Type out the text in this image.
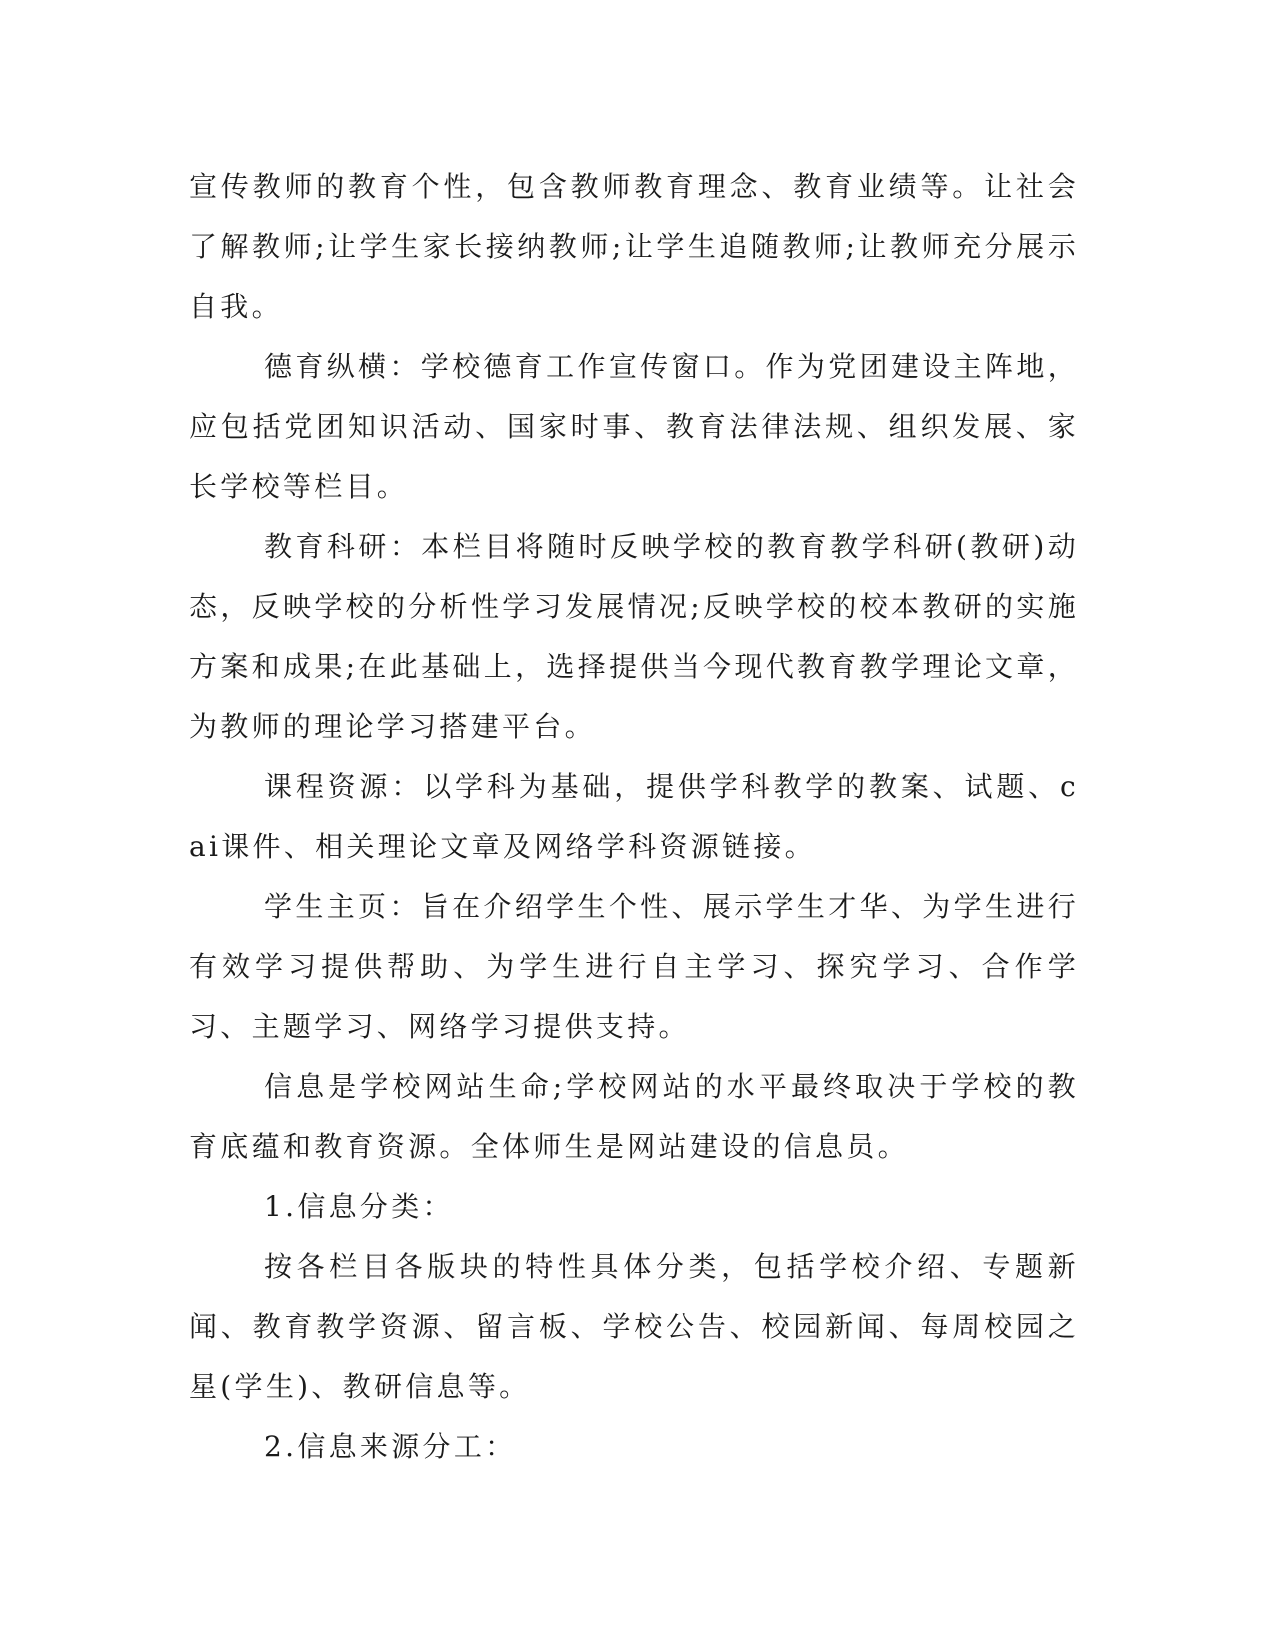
宣传教师的教育个性，包含教师教育理念、教育业绩等。让社会了解教师;让学生家长接纳教师;让学生追随教师;让教师充分展示自我。

德育纵横：学校德育工作宣传窗口。作为党团建设主阵地，应包括党团知识活动、国家时事、教育法律法规、组织发展、家长学校等栏目。

教育科研：本栏目将随时反映学校的教育教学科研(教研)动态，反映学校的分析性学习发展情况;反映学校的校本教研的实施方案和成果;在此基础上，选择提供当今现代教育教学理论文章，为教师的理论学习搭建平台。

课程资源：以学科为基础，提供学科教学的教案、试题、cai课件、相关理论文章及网络学科资源链接。

学生主页：旨在介绍学生个性、展示学生才华、为学生进行有效学习提供帮助、为学生进行自主学习、探究学习、合作学习、主题学习、网络学习提供支持。

信息是学校网站生命;学校网站的水平最终取决于学校的教育底蕴和教育资源。全体师生是网站建设的信息员。

1.信息分类：

按各栏目各版块的特性具体分类，包括学校介绍、专题新闻、教育教学资源、留言板、学校公告、校园新闻、每周校园之星(学生)、教研信息等。

2.信息来源分工：
